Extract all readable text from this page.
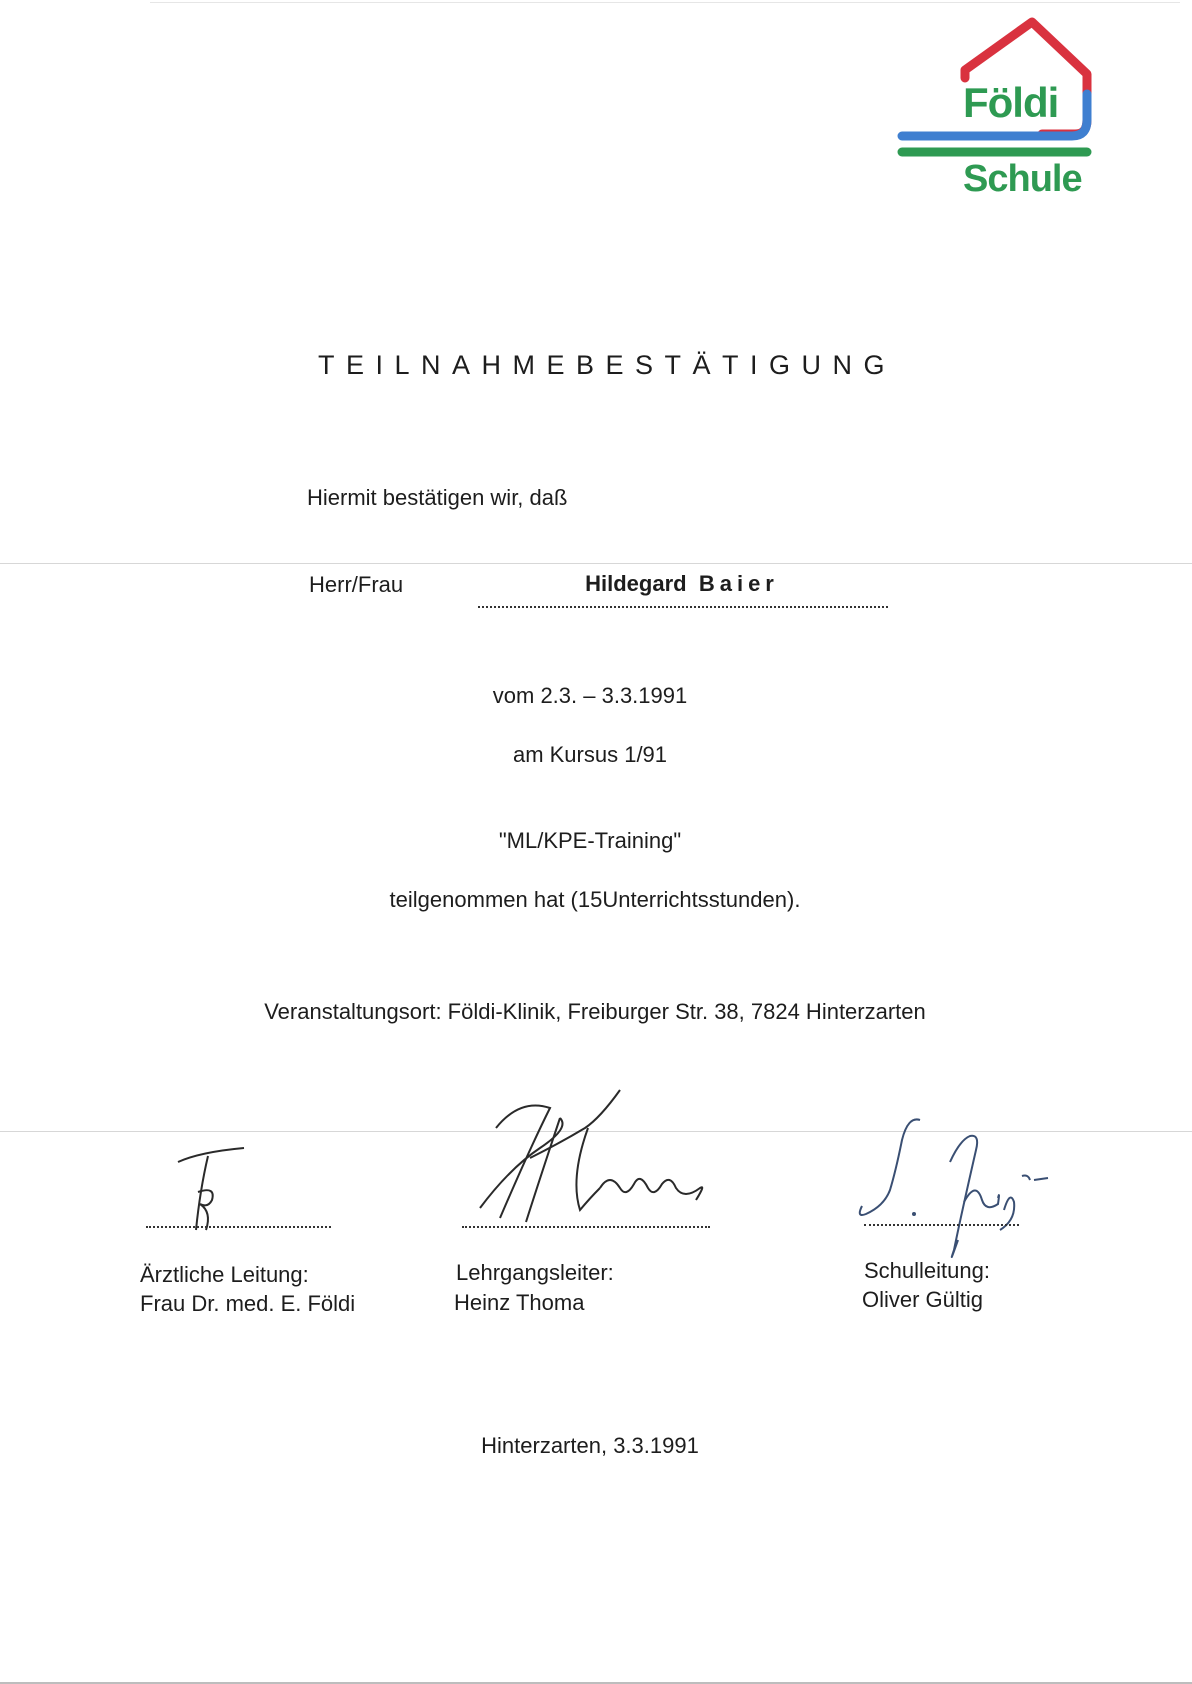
Földi
Schule
TEILNAHMEBESTÄTIGUNG
Hiermit bestätigen wir, daß
Herr/Frau	Hildegard Baier
vom 2.3. – 3.3.1991
am Kursus 1/91
"ML/KPE-Training"
teilgenommen hat (15Unterrichtsstunden).
Veranstaltungsort: Földi-Klinik, Freiburger Str. 38, 7824 Hinterzarten
Ärztliche Leitung:
Frau Dr. med. E. Földi
Lehrgangsleiter:
Heinz Thoma
Schulleitung:
Oliver Gültig
Hinterzarten, 3.3.1991
